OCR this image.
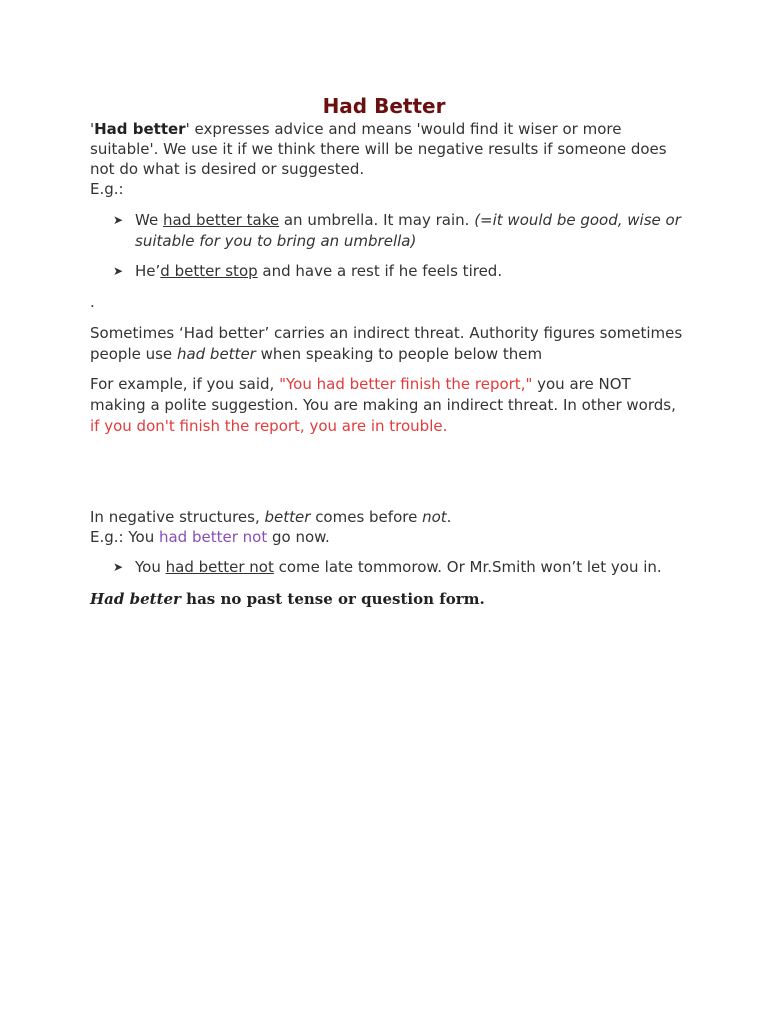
Had Better
'Had better' expresses advice and means 'would find it wiser or more suitable'. We use it if we think there will be negative results if someone does not do what is desired or suggested.
E.g.:
➤ We had better take an umbrella. It may rain. (=it would be good, wise or suitable for you to bring an umbrella)
➤ He’d better stop and have a rest if he feels tired.
.
Sometimes ‘Had better’ carries an indirect threat. Authority figures sometimes people use had better when speaking to people below them
For example, if you said, "You had better finish the report," you are NOT making a polite suggestion. You are making an indirect threat. In other words, if you don't finish the report, you are in trouble.
In negative structures, better comes before not.
E.g.: You had better not go now.
➤ You had better not come late tommorow. Or Mr.Smith won’t let you in.
Had better has no past tense or question form.
